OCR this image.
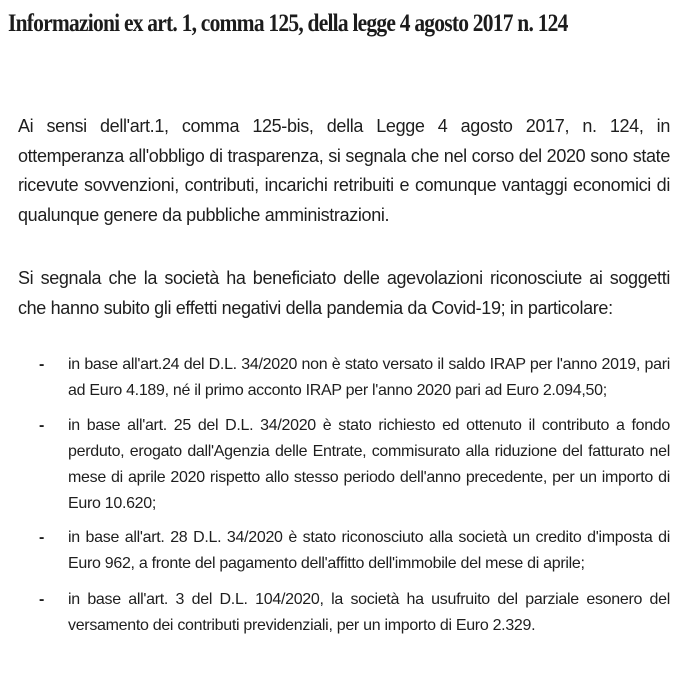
Informazioni ex art. 1, comma 125, della legge 4 agosto 2017 n. 124

Ai sensi dell'art.1, comma 125-bis, della Legge 4 agosto 2017, n. 124, in ottemperanza all'obbligo di trasparenza, si segnala che nel corso del 2020 sono state ricevute sovvenzioni, contributi, incarichi retribuiti e comunque vantaggi economici di qualunque genere da pubbliche amministrazioni.

Si segnala che la società ha beneficiato delle agevolazioni riconosciute ai soggetti che hanno subito gli effetti negativi della pandemia da Covid-19; in particolare:

- in base all'art.24 del D.L. 34/2020 non è stato versato il saldo IRAP per l'anno 2019, pari ad Euro 4.189, né il primo acconto IRAP per l'anno 2020 pari ad Euro 2.094,50;
- in base all'art. 25 del D.L. 34/2020 è stato richiesto ed ottenuto il contributo a fondo perduto, erogato dall'Agenzia delle Entrate, commisurato alla riduzione del fatturato nel mese di aprile 2020 rispetto allo stesso periodo dell'anno precedente, per un importo di Euro 10.620;
- in base all'art. 28 D.L. 34/2020 è stato riconosciuto alla società un credito d'imposta di Euro 962, a fronte del pagamento dell'affitto dell'immobile del mese di aprile;
- in base all'art. 3 del D.L. 104/2020, la società ha usufruito del parziale esonero del versamento dei contributi previdenziali, per un importo di Euro 2.329.
